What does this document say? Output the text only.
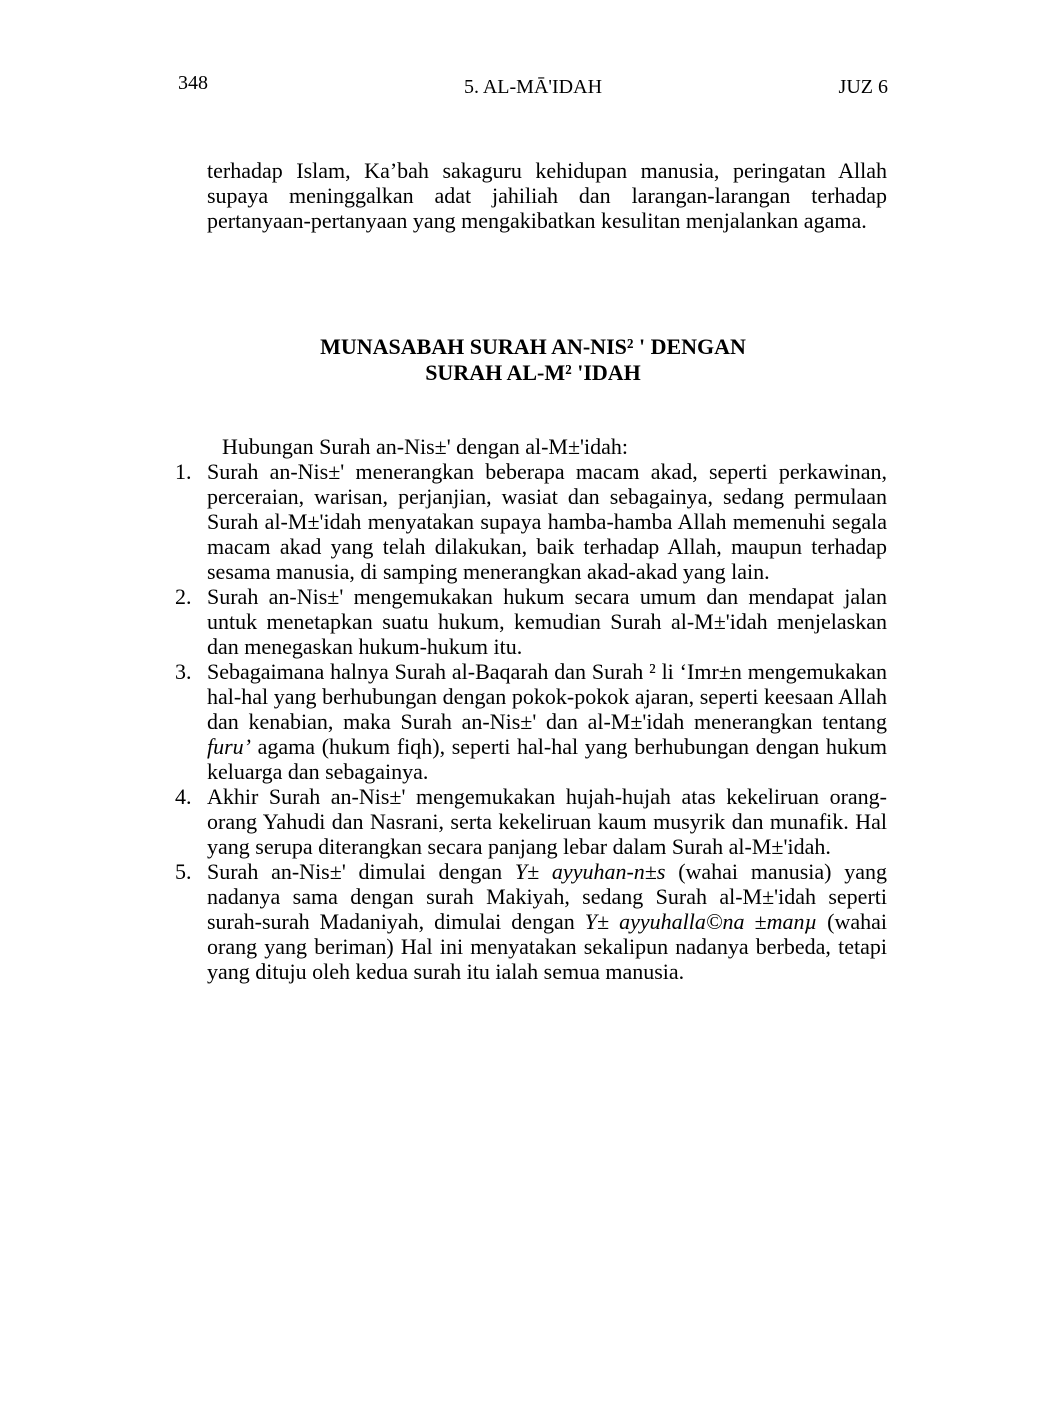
348	5. AL-MĀ'IDAH	JUZ 6

terhadap Islam, Ka’bah sakaguru kehidupan manusia, peringatan Allah supaya meninggalkan adat jahiliah dan larangan-larangan terhadap pertanyaan-pertanyaan yang mengakibatkan kesulitan menjalankan agama.

MUNASABAH SURAH AN-NIS² ' DENGAN
SURAH AL-M² 'IDAH

Hubungan Surah an-Nis±' dengan al-M±'idah:

1. Surah an-Nis±' menerangkan beberapa macam akad, seperti perkawinan, perceraian, warisan, perjanjian, wasiat dan sebagainya, sedang permulaan Surah al-M±'idah menyatakan supaya hamba-hamba Allah memenuhi segala macam akad yang telah dilakukan, baik terhadap Allah, maupun terhadap sesama manusia, di samping menerangkan akad-akad yang lain.
2. Surah an-Nis±' mengemukakan hukum secara umum dan mendapat jalan untuk menetapkan suatu hukum, kemudian Surah al-M±'idah menjelaskan dan menegaskan hukum-hukum itu.
3. Sebagaimana halnya Surah al-Baqarah dan Surah ² li ‘Imr±n mengemukakan hal-hal yang berhubungan dengan pokok-pokok ajaran, seperti keesaan Allah dan kenabian, maka Surah an-Nis±' dan al-M±'idah menerangkan tentang furu’ agama (hukum fiqh), seperti hal-hal yang berhubungan dengan hukum keluarga dan sebagainya.
4. Akhir Surah an-Nis±' mengemukakan hujah-hujah atas kekeliruan orang-orang Yahudi dan Nasrani, serta kekeliruan kaum musyrik dan munafik. Hal yang serupa diterangkan secara panjang lebar dalam Surah al-M±'idah.
5. Surah an-Nis±' dimulai dengan Y± ayyuhan-n±s (wahai manusia) yang nadanya sama dengan surah Makiyah, sedang Surah al-M±'idah seperti surah-surah Madaniyah, dimulai dengan Y± ayyuhalla©na ±manµ (wahai orang yang beriman) Hal ini menyatakan sekalipun nadanya berbeda, tetapi yang dituju oleh kedua surah itu ialah semua manusia.
